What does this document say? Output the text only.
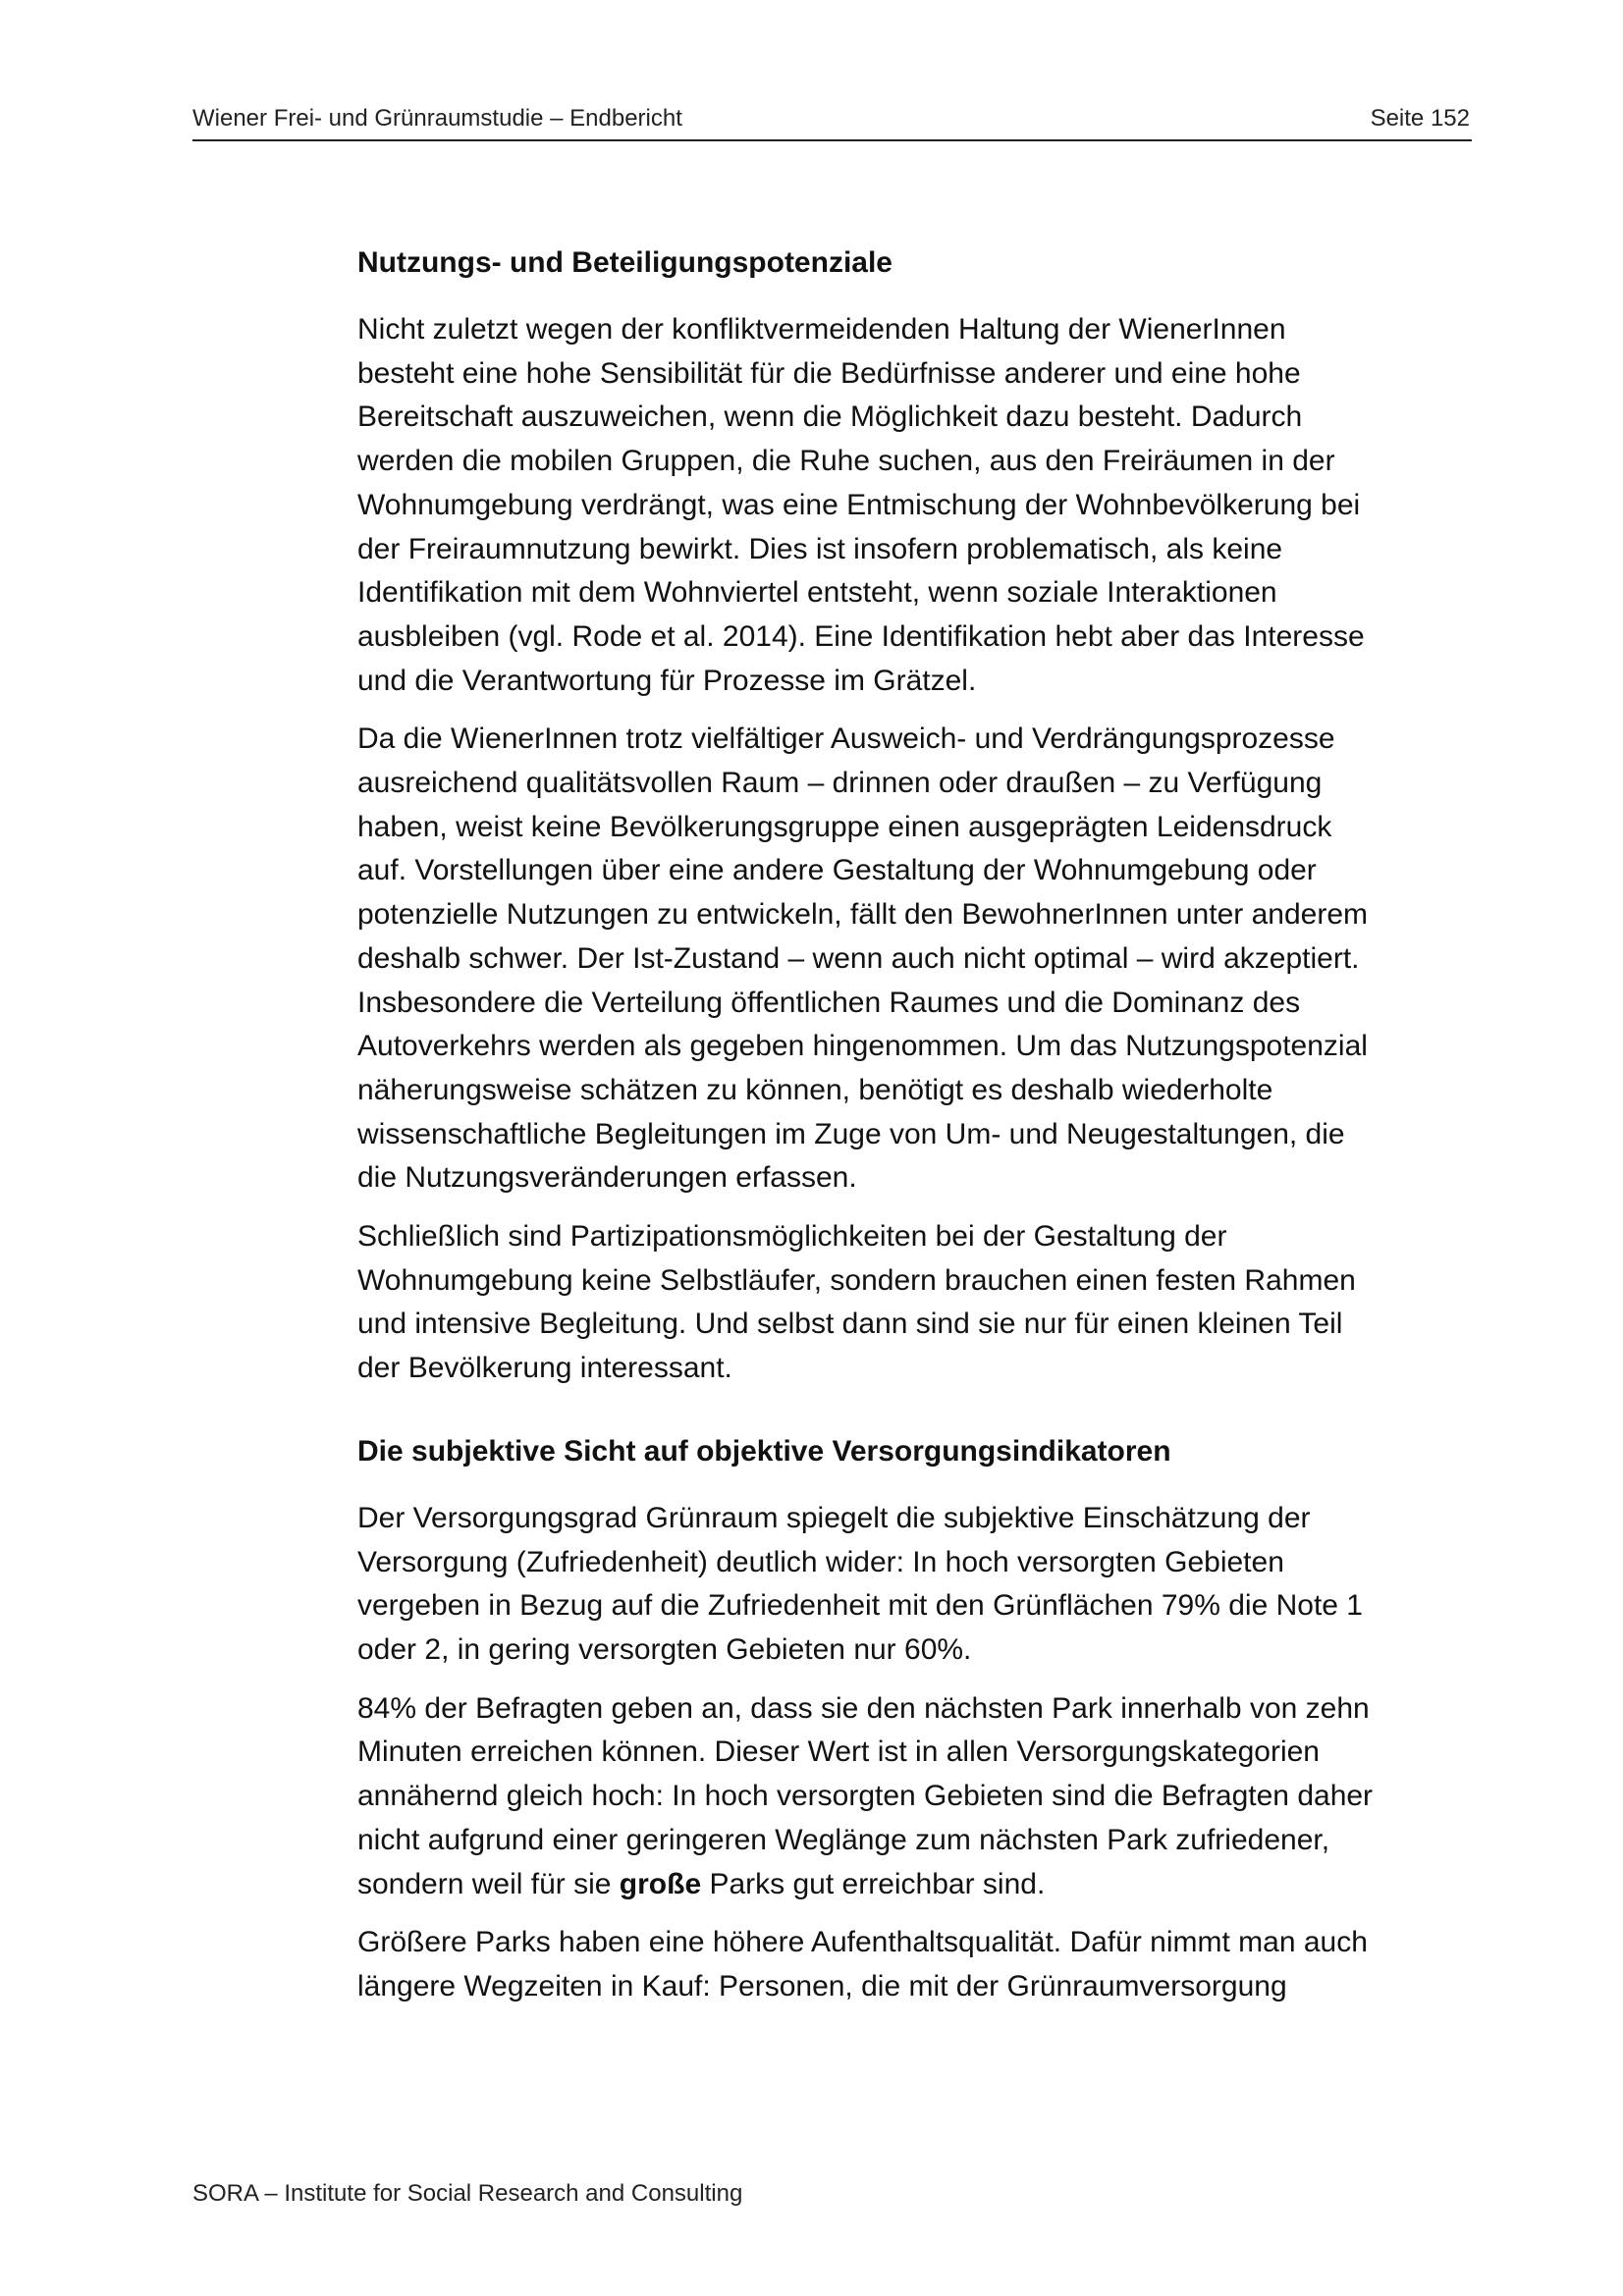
Wiener Frei- und Grünraumstudie – Endbericht	Seite 152
Nutzungs- und Beteiligungspotenziale

Nicht zuletzt wegen der konfliktvermeidenden Haltung der WienerInnen
besteht eine hohe Sensibilität für die Bedürfnisse anderer und eine hohe
Bereitschaft auszuweichen, wenn die Möglichkeit dazu besteht. Dadurch
werden die mobilen Gruppen, die Ruhe suchen, aus den Freiräumen in der
Wohnumgebung verdrängt, was eine Entmischung der Wohnbevölkerung bei
der Freiraumnutzung bewirkt. Dies ist insofern problematisch, als keine
Identifikation mit dem Wohnviertel entsteht, wenn soziale Interaktionen
ausbleiben (vgl. Rode et al. 2014). Eine Identifikation hebt aber das Interesse
und die Verantwortung für Prozesse im Grätzel.

Da die WienerInnen trotz vielfältiger Ausweich- und Verdrängungsprozesse
ausreichend qualitätsvollen Raum – drinnen oder draußen – zu Verfügung
haben, weist keine Bevölkerungsgruppe einen ausgeprägten Leidensdruck
auf. Vorstellungen über eine andere Gestaltung der Wohnumgebung oder
potenzielle Nutzungen zu entwickeln, fällt den BewohnerInnen unter anderem
deshalb schwer. Der Ist-Zustand – wenn auch nicht optimal – wird akzeptiert.
Insbesondere die Verteilung öffentlichen Raumes und die Dominanz des
Autoverkehrs werden als gegeben hingenommen. Um das Nutzungspotenzial
näherungsweise schätzen zu können, benötigt es deshalb wiederholte
wissenschaftliche Begleitungen im Zuge von Um- und Neugestaltungen, die
die Nutzungsveränderungen erfassen.

Schließlich sind Partizipationsmöglichkeiten bei der Gestaltung der
Wohnumgebung keine Selbstläufer, sondern brauchen einen festen Rahmen
und intensive Begleitung. Und selbst dann sind sie nur für einen kleinen Teil
der Bevölkerung interessant.

Die subjektive Sicht auf objektive Versorgungsindikatoren

Der Versorgungsgrad Grünraum spiegelt die subjektive Einschätzung der
Versorgung (Zufriedenheit) deutlich wider: In hoch versorgten Gebieten
vergeben in Bezug auf die Zufriedenheit mit den Grünflächen 79% die Note 1
oder 2, in gering versorgten Gebieten nur 60%.

84% der Befragten geben an, dass sie den nächsten Park innerhalb von zehn
Minuten erreichen können. Dieser Wert ist in allen Versorgungskategorien
annähernd gleich hoch: In hoch versorgten Gebieten sind die Befragten daher
nicht aufgrund einer geringeren Weglänge zum nächsten Park zufriedener,
sondern weil für sie große Parks gut erreichbar sind.

Größere Parks haben eine höhere Aufenthaltsqualität. Dafür nimmt man auch
längere Wegzeiten in Kauf: Personen, die mit der Grünraumversorgung

SORA – Institute for Social Research and Consulting
